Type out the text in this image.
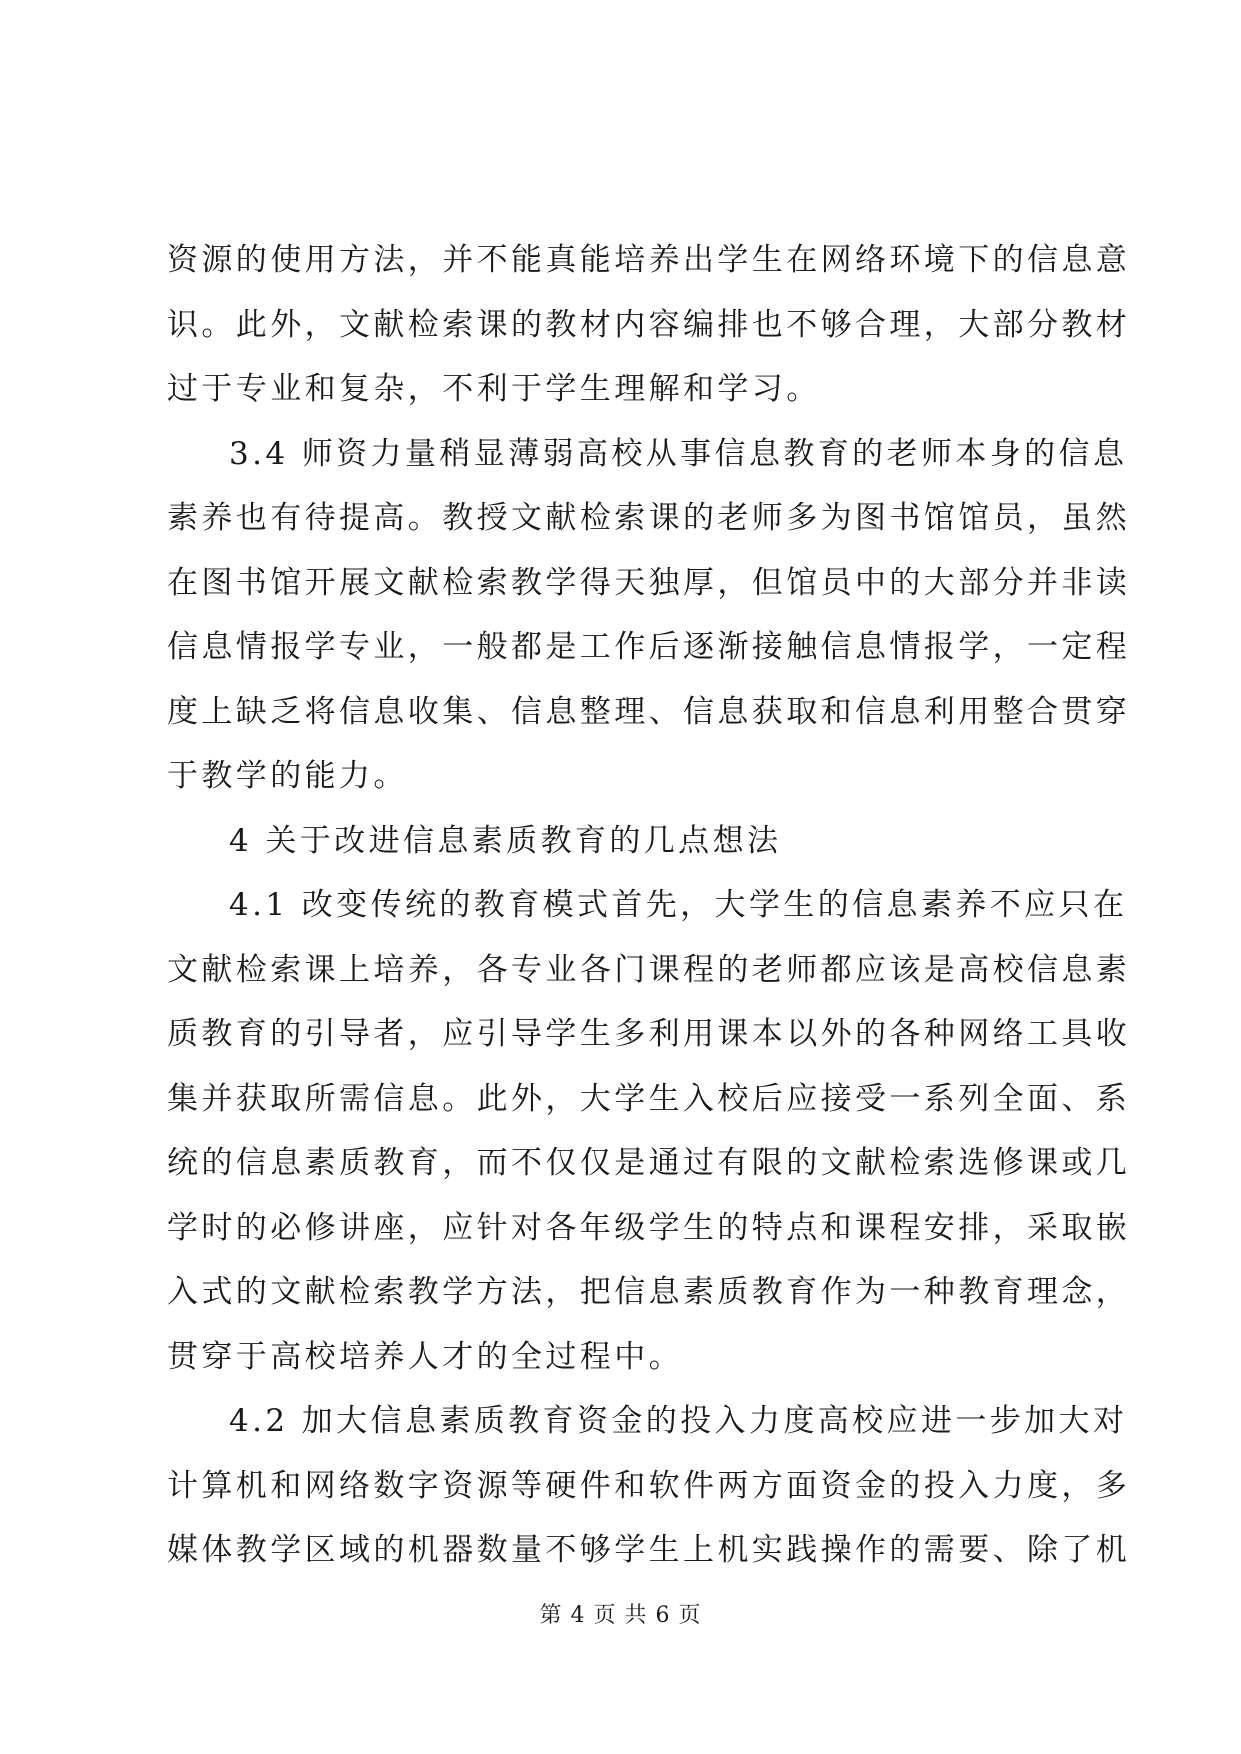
资源的使用方法，并不能真能培养出学生在网络环境下的信息意
识。此外，文献检索课的教材内容编排也不够合理，大部分教材
过于专业和复杂，不利于学生理解和学习。
3.4 师资力量稍显薄弱高校从事信息教育的老师本身的信息
素养也有待提高。教授文献检索课的老师多为图书馆馆员，虽然
在图书馆开展文献检索教学得天独厚，但馆员中的大部分并非读
信息情报学专业，一般都是工作后逐渐接触信息情报学，一定程
度上缺乏将信息收集、信息整理、信息获取和信息利用整合贯穿
于教学的能力。
4 关于改进信息素质教育的几点想法
4.1 改变传统的教育模式首先，大学生的信息素养不应只在
文献检索课上培养，各专业各门课程的老师都应该是高校信息素
质教育的引导者，应引导学生多利用课本以外的各种网络工具收
集并获取所需信息。此外，大学生入校后应接受一系列全面、系
统的信息素质教育，而不仅仅是通过有限的文献检索选修课或几
学时的必修讲座，应针对各年级学生的特点和课程安排，采取嵌
入式的文献检索教学方法，把信息素质教育作为一种教育理念，
贯穿于高校培养人才的全过程中。
4.2 加大信息素质教育资金的投入力度高校应进一步加大对
计算机和网络数字资源等硬件和软件两方面资金的投入力度，多
媒体教学区域的机器数量不够学生上机实践操作的需要、除了机
第 4 页 共 6 页
